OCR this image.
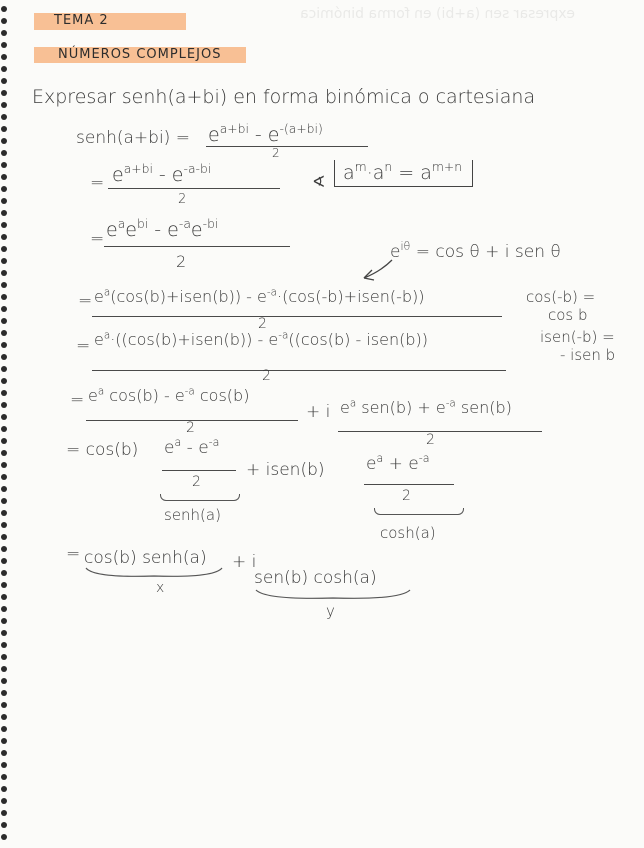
expresar sen (a+bi) en forma binómica
TEMA 2
NÚMEROS COMPLEJOS
Expresar senh(a+bi) en forma binómica o cartesiana
senh(a+bi) = $e^{a+bi} - e^{-(a+bi)}$
2
= $e^{a+bi} - e^{-a-bi}$
2
∢ $a^m\cdot a^n = a^{m+n}$
= $e^ae^{bi} - e^{-a}e^{-bi}$
2	$e^{i\theta} = \cos \theta + i$ sen θ
= $e^a(\cos(b)+isen(b))$ - $e^{-a}\cdot(\cos(-b)+isen(-b))$
2
cos(-b) =
cos b
isen(-b) =
- isen b
= $e^a\cdot((\cos(b)+isen(b)) - e^{-a}((\cos(b)$ - isen(b))
2
= $e^a$ $\cos(b) - e^{-a}$ cos(b)
2
+ i $e^a$ $sen(b) + e^{-a}$ sen(b)
2
= cos(b) $e^a - e^{-a}$
2
senh(a)
+ isen(b) $e^a + e^{-a}$
2
cosh(a)
= cos(b) senh(a) + i
sen(b) cosh(a)
x
y
